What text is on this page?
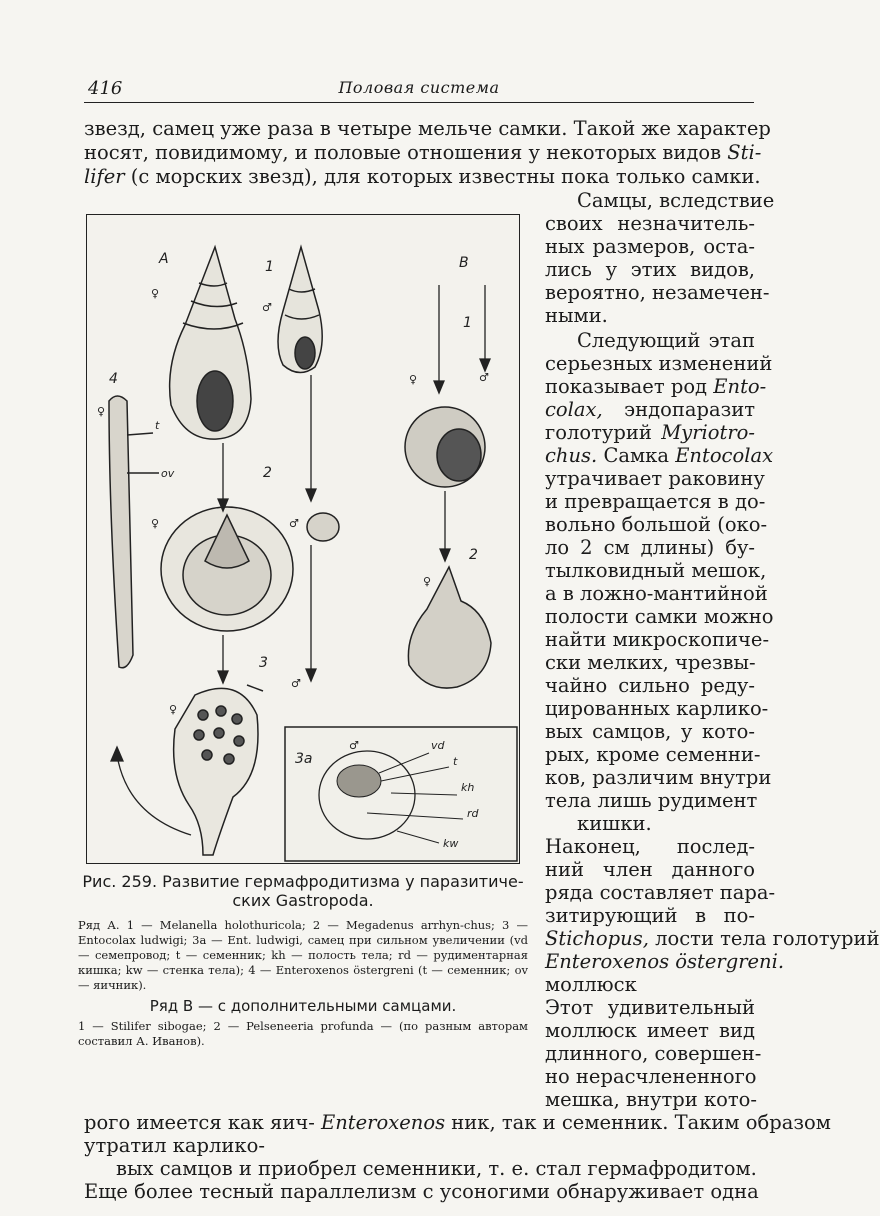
416	Половая система
звезд, самец уже раза в четыре мельче самки. Такой же характер
носят, повидимому, и половые отношения у некоторых видов Sti-
lifer (с морских звезд), для которых известны пока только самки.
Самцы, вследствие
своих незначитель-
ных размеров, оста-
лись у этих видов,
вероятно, незамечен-
ными.
Следующий этап
серьезных изменений
показывает род Ento-
colax, эндопаразит
голотурий Myriotro-
chus. Самка Entocolax
утрачивает раковину
и превращается в до-
вольно большой (око-
ло 2 см длины) бу-
тылковидный мешок,
а в ложно-мантийной
полости самки можно
найти микроскопиче-
ски мелких, чрезвы-
чайно сильно реду-
цированных карлико-
вых самцов, у кото-
рых, кроме семенни-
ков, различим внутри
тела лишь рудимент
кишки.
Наконец, послед-
ний член данного
ряда составляет пара-
зитирующий в по-
Stichopus, лости тела голотурий
Enteroxenos östergreni.
моллюск
Этот удивительный
моллюск имеет вид
длинного, совершен-
но нерасчлененного
мешка, внутри кото-
рого имеется как яич- Enteroxenos ник, так и семенник. Таким образом
утратил карлико-
вых самцов и приобрел семенники, т. е. стал гермафродитом.
Еще более тесный параллелизм с усоногими обнаруживает одна
А	1	В
4
2
3
1
2
♀
♂
♀	♂
♀
♂
♀
♀	♂
♀
t
ov
3а
♂	vd
t
kh
rd
kw
Рис. 259. Развитие гермафродитизма у паразитиче-ских Gastropoda.
Ряд А. 1 — Melanella holothuricola; 2 — Megadenus arrhyn-chus; 3 — Entocolax ludwigi; 3а — Ent. ludwigi, самец при сильном увеличении (vd — семепровод; t — семенник; kh — полость тела; rd — рудиментарная кишка; kw — стенка тела); 4 — Enteroxenos östergreni (t — семенник; ov — яичник).
Ряд В — с дополнительными самцами.
1 — Stilifer sibogae; 2 — Pelseneeria profunda — (по разным авторам составил А. Иванов).
